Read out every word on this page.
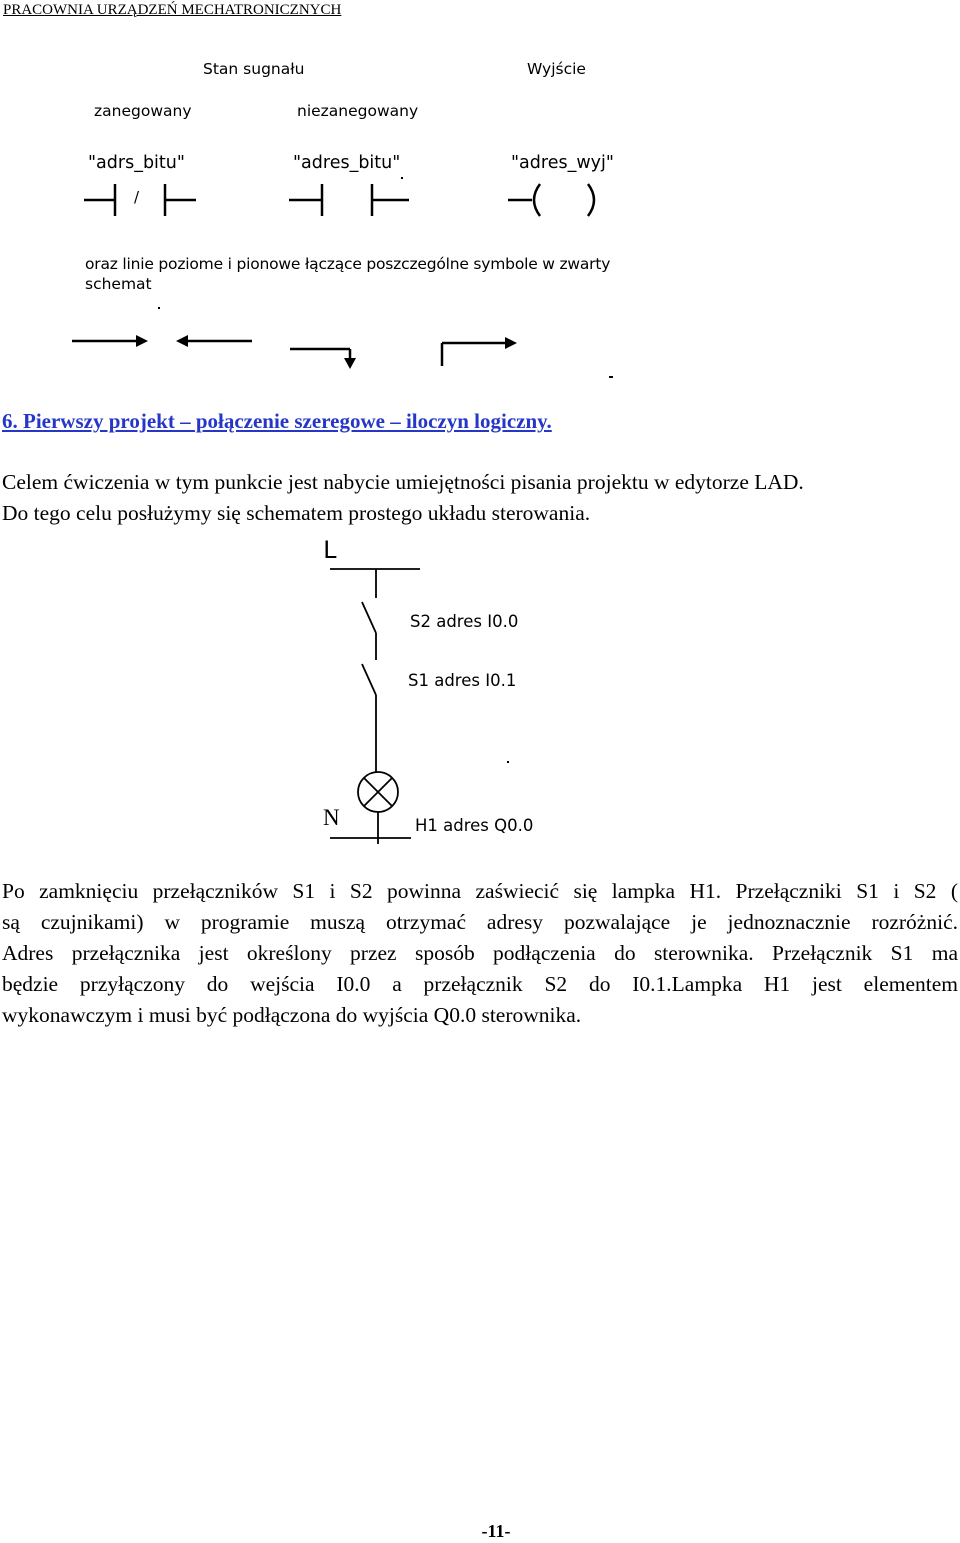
PRACOWNIA URZĄDZEŃ MECHATRONICZNYCH
Stan sugnału	Wyjście
zanegowany	niezanegowany
"adrs_bitu"	"adres_bitu"	"adres_wyj"
/
oraz linie poziome i pionowe łączące poszczególne symbole w zwarty
schemat
6. Pierwszy projekt – połączenie szeregowe – iloczyn logiczny.
Celem ćwiczenia w tym punkcie jest nabycie umiejętności pisania projektu w edytorze LAD.
Do tego celu posłużymy się schematem prostego układu sterowania.
L
S2 adres I0.0
S1 adres I0.1
N	H1 adres Q0.0
Po zamknięciu przełączników S1 i S2 powinna zaświecić się lampka H1. Przełączniki S1 i S2 (
są czujnikami) w programie muszą otrzymać adresy pozwalające je jednoznacznie rozróżnić.
Adres przełącznika jest określony przez sposób podłączenia do sterownika. Przełącznik S1 ma
będzie przyłączony do wejścia I0.0 a przełącznik S2 do I0.1.Lampka H1 jest elementem
wykonawczym i musi być podłączona do wyjścia Q0.0 sterownika.
-11-
